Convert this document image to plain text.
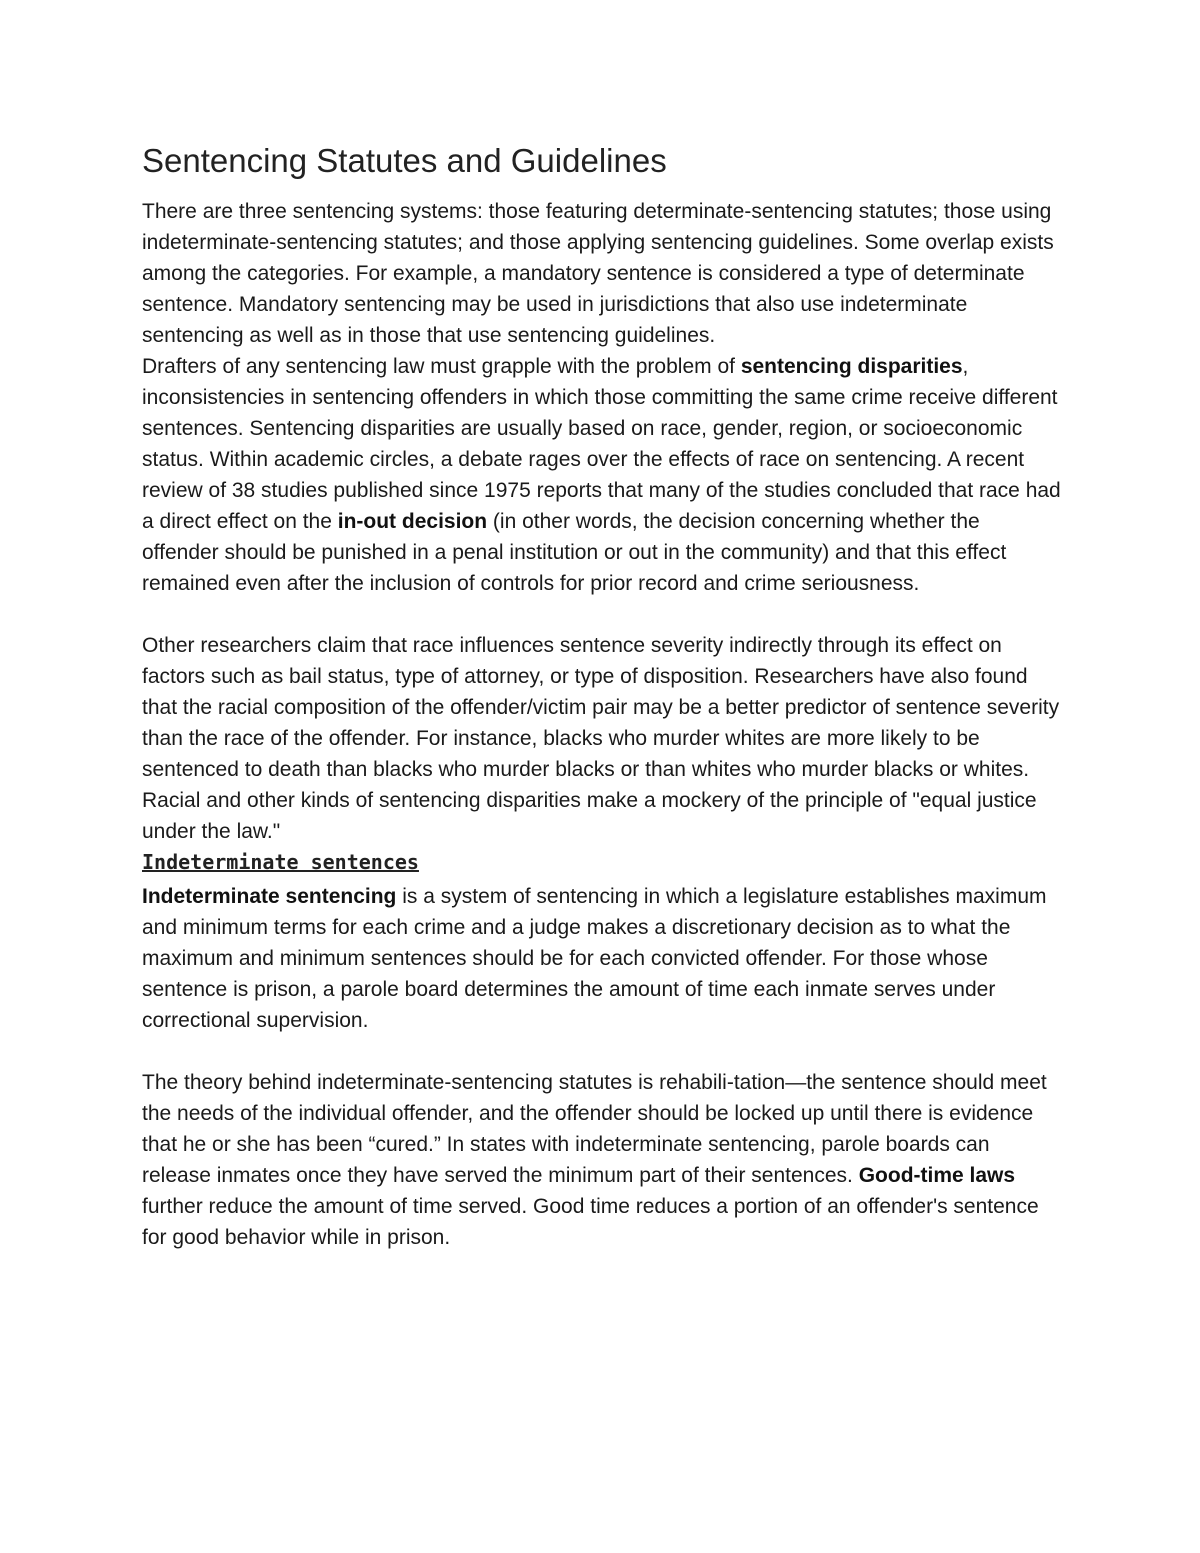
Sentencing Statutes and Guidelines

There are three sentencing systems: those featuring determinate-sentencing statutes; those using indeterminate-sentencing statutes; and those applying sentencing guidelines. Some overlap exists among the categories. For example, a mandatory sentence is considered a type of determinate sentence. Mandatory sentencing may be used in jurisdictions that also use indeterminate sentencing as well as in those that use sentencing guidelines.

Drafters of any sentencing law must grapple with the problem of sentencing disparities, inconsistencies in sentencing offenders in which those committing the same crime receive different sentences. Sentencing disparities are usually based on race, gender, region, or socioeconomic status. Within academic circles, a debate rages over the effects of race on sentencing. A recent review of 38 studies published since 1975 reports that many of the studies concluded that race had a direct effect on the in-out decision (in other words, the decision concerning whether the offender should be punished in a penal institution or out in the community) and that this effect remained even after the inclusion of controls for prior record and crime seriousness.

Other researchers claim that race influences sentence severity indirectly through its effect on factors such as bail status, type of attorney, or type of disposition. Researchers have also found that the racial composition of the offender/victim pair may be a better predictor of sentence severity than the race of the offender. For instance, blacks who murder whites are more likely to be sentenced to death than blacks who murder blacks or than whites who murder blacks or whites. Racial and other kinds of sentencing disparities make a mockery of the principle of "equal justice under the law."

Indeterminate sentences

Indeterminate sentencing is a system of sentencing in which a legislature establishes maximum and minimum terms for each crime and a judge makes a discretionary decision as to what the maximum and minimum sentences should be for each convicted offender. For those whose sentence is prison, a parole board determines the amount of time each inmate serves under correctional supervision.

The theory behind indeterminate-sentencing statutes is rehabili-tation—the sentence should meet the needs of the individual offender, and the offender should be locked up until there is evidence that he or she has been “cured.” In states with indeterminate sentencing, parole boards can release inmates once they have served the minimum part of their sentences. Good-time laws further reduce the amount of time served. Good time reduces a portion of an offender's sentence for good behavior while in prison.
